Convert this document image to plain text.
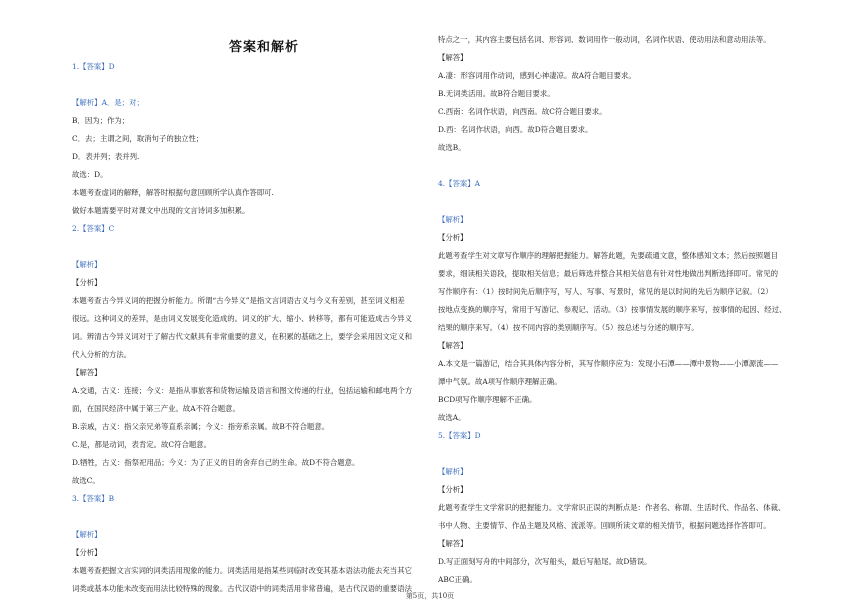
答案和解析
1.【答案】D
【解析】A．是；对；
B．因为；作为；
C．去；主谓之间，取消句子的独立性；
D．表并列；表并列.
故选：D。
本题考查虚词的解释，解答时根据句意回顾所学认真作答即可.
做好本题需要平时对课文中出现的文言诗词多加积累。
2.【答案】C
【解析】
【分析】
本题考查古今异义词的把握分析能力。所谓“古今异义”是指文言词语古义与今义有差别，甚至词义相差
很远。这种词义的差异，是由词义发展变化造成的。词义的扩大、缩小、转移等，都有可能造成古今异义
词。辨清古今异义词对于了解古代文献具有非常重要的意义，在积累的基础之上，要学会采用因文定义和
代入分析的方法。
【解答】
A.交通，古义：连接；今义：是指从事旅客和货物运输及语言和图文传递的行业，包括运输和邮电两个方
面，在国民经济中属于第三产业。故A不符合题意。
B.亲戚，古义：指父亲兄弟等直系亲属；今义：指旁系亲属。故B不符合题意。
C.是，都是动词，表肯定。故C符合题意。
D.牺牲，古义：指祭祀用品；今义：为了正义的目的舍弃自己的生命。故D不符合题意。
故选C。
3.【答案】B
【解析】
【分析】
本题考查把握文言实词的词类活用现象的能力。词类活用是指某些词临时改变其基本语法功能去充当其它
词类或基本功能未改变而用法比较特殊的现象。古代汉语中的词类活用非常普遍，是古代汉语的重要语法
特点之一，其内容主要包括名词、形容词、数词用作一般动词，名词作状语、使动用法和意动用法等。
【解答】
A.凄：形容词用作动词，感到心神凄凉。故A符合题目要求。
B.无词类活用。故B符合题目要求。
C.西南：名词作状语，向西南。故C符合题目要求。
D.西：名词作状语，向西。故D符合题目要求。
故选B。
4.【答案】A
【解析】
【分析】
此题考查学生对文章写作顺序的理解把握能力。解答此题，先要疏通文意，整体感知文本；然后按照题目
要求，细读相关语段，提取相关信息；最后筛选并整合其相关信息有针对性地做出判断选择即可。常见的
写作顺序有：（1）按时间先后顺序写，写人、写事、写景时，常见的是以时间的先后为顺序记叙。（2）
按地点变换的顺序写，常用于写游记、参观记、活动。（3）按事情发展的顺序来写，按事情的起因、经过、
结果的顺序来写。（4）按不同内容的类别顺序写。（5）按总述与分述的顺序写。
【解答】
A.本文是一篇游记，结合其具体内容分析，其写作顺序应为：发现小石潭——潭中景物——小潭源流——
潭中气氛。故A项写作顺序理解正确。
BCD项写作顺序理解不正确。
故选A。
5.【答案】D
【解析】
【分析】
此题考查学生文学常识的把握能力。文学常识正误的判断点是：作者名、称谓、生活时代、作品名、体裁、
书中人物、主要情节、作品主题及风格、流派等。回顾所读文章的相关情节，根据问题选择作答即可。
【解答】
D.写正面刻写舟的中间部分，次写船头，最后写船尾。故D错误。
ABC正确。
第5页，共10页
